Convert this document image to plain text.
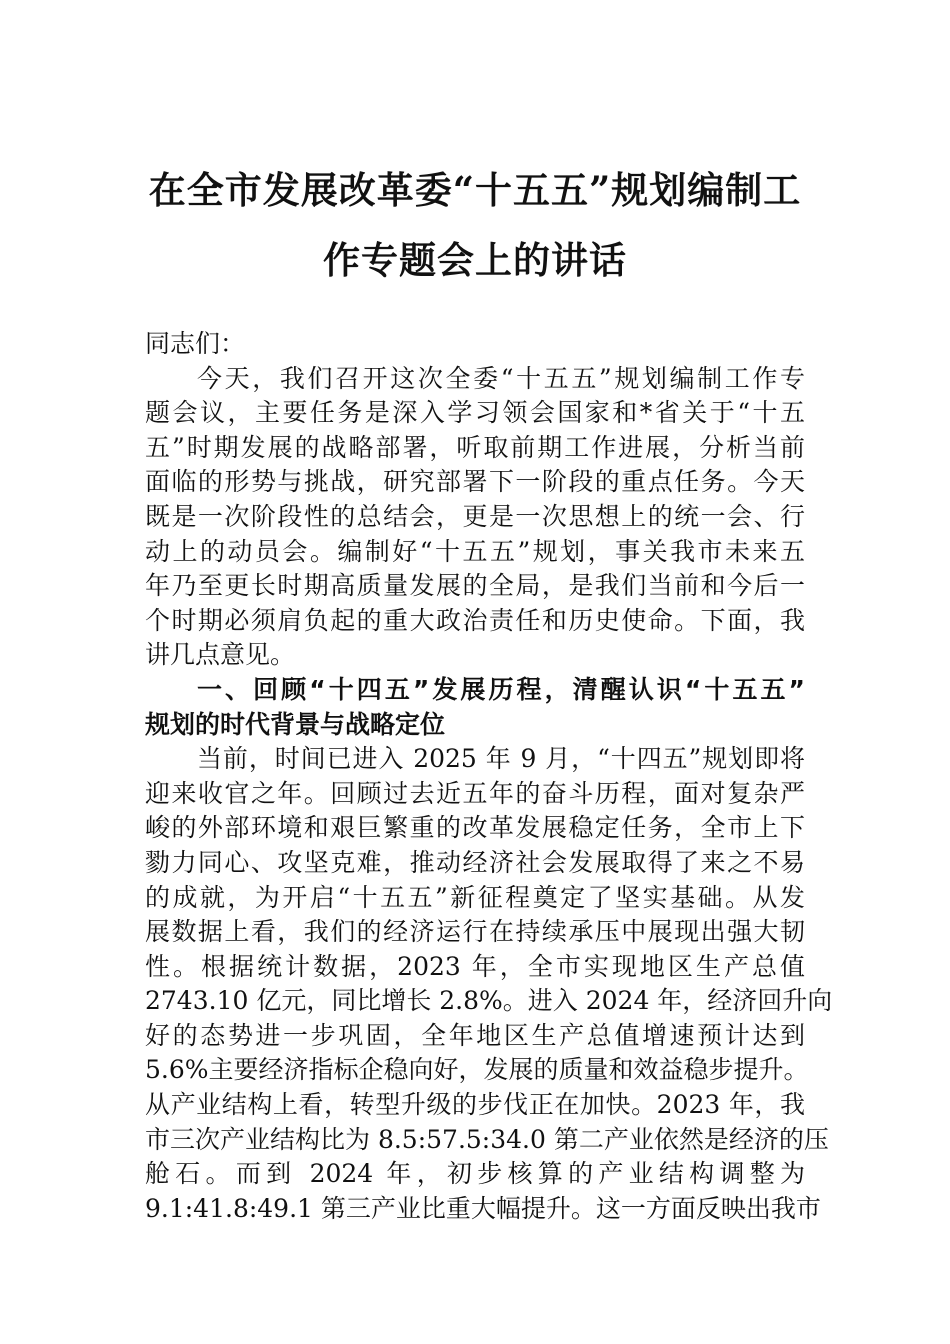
在全市发展改革委“十五五”规划编制工
作专题会上的讲话
同志们：
今天，我们召开这次全委“十五五”规划编制工作专
题会议，主要任务是深入学习领会国家和*省关于“十五
五”时期发展的战略部署，听取前期工作进展，分析当前
面临的形势与挑战，研究部署下一阶段的重点任务。今天
既是一次阶段性的总结会，更是一次思想上的统一会、行
动上的动员会。编制好“十五五”规划，事关我市未来五
年乃至更长时期高质量发展的全局，是我们当前和今后一
个时期必须肩负起的重大政治责任和历史使命。下面，我
讲几点意见。
一、回顾“十四五”发展历程，清醒认识“十五五”
规划的时代背景与战略定位
当前，时间已进入 2025 年 9 月，“十四五”规划即将
迎来收官之年。回顾过去近五年的奋斗历程，面对复杂严
峻的外部环境和艰巨繁重的改革发展稳定任务，全市上下
勠力同心、攻坚克难，推动经济社会发展取得了来之不易
的成就，为开启“十五五”新征程奠定了坚实基础。从发
展数据上看，我们的经济运行在持续承压中展现出强大韧
性。根据统计数据，2023 年，全市实现地区生产总值
2743.10 亿元，同比增长 2.8%。进入 2024 年，经济回升向
好的态势进一步巩固，全年地区生产总值增速预计达到
5.6%主要经济指标企稳向好，发展的质量和效益稳步提升。
从产业结构上看，转型升级的步伐正在加快。2023 年，我
市三次产业结构比为 8.5:57.5:34.0 第二产业依然是经济的压
舱石。而到 2024 年，初步核算的产业结构调整为
9.1:41.8:49.1 第三产业比重大幅提升。这一方面反映出我市
